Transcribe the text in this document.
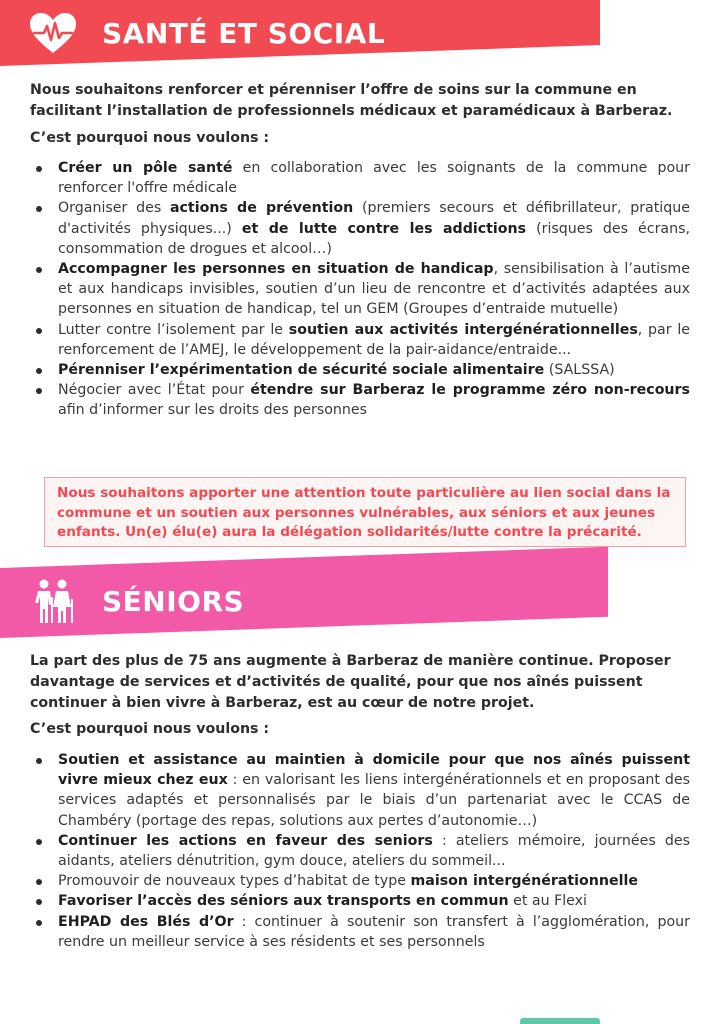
SANTÉ ET SOCIAL

Nous souhaitons renforcer et pérenniser l’offre de soins sur la commune en facilitant l’installation de professionnels médicaux et paramédicaux à Barberaz.

C’est pourquoi nous voulons :

Créer un pôle santé en collaboration avec les soignants de la commune pour renforcer l'offre médicale
Organiser des actions de prévention (premiers secours et défibrillateur, pratique d'activités physiques...) et de lutte contre les addictions (risques des écrans, consommation de drogues et alcool…)
Accompagner les personnes en situation de handicap, sensibilisation à l’autisme et aux handicaps invisibles, soutien d’un lieu de rencontre et d’activités adaptées aux personnes en situation de handicap, tel un GEM (Groupes d’entraide mutuelle)
Lutter contre l’isolement par le soutien aux activités intergénérationnelles, par le renforcement de l’AMEJ, le développement de la pair-aidance/entraide...
Pérenniser l’expérimentation de sécurité sociale alimentaire (SALSSA)
Négocier avec l’État pour étendre sur Barberaz le programme zéro non-recours afin d’informer sur les droits des personnes

Nous souhaitons apporter une attention toute particulière au lien social dans la commune et un soutien aux personnes vulnérables, aux séniors et aux jeunes enfants. Un(e) élu(e) aura la délégation solidarités/lutte contre la précarité.

SÉNIORS

La part des plus de 75 ans augmente à Barberaz de manière continue. Proposer davantage de services et d’activités de qualité, pour que nos aînés puissent continuer à bien vivre à Barberaz, est au cœur de notre projet.

C’est pourquoi nous voulons :

Soutien et assistance au maintien à domicile pour que nos aînés puissent vivre mieux chez eux : en valorisant les liens intergénérationnels et en proposant des services adaptés et personnalisés par le biais d’un partenariat avec le CCAS de Chambéry (portage des repas, solutions aux pertes d’autonomie…)
Continuer les actions en faveur des seniors : ateliers mémoire, journées des aidants, ateliers dénutrition, gym douce, ateliers du sommeil...
Promouvoir de nouveaux types d’habitat de type maison intergénérationnelle
Favoriser l’accès des séniors aux transports en commun et au Flexi
EHPAD des Blés d’Or : continuer à soutenir son transfert à l’agglomération, pour rendre un meilleur service à ses résidents et ses personnels
